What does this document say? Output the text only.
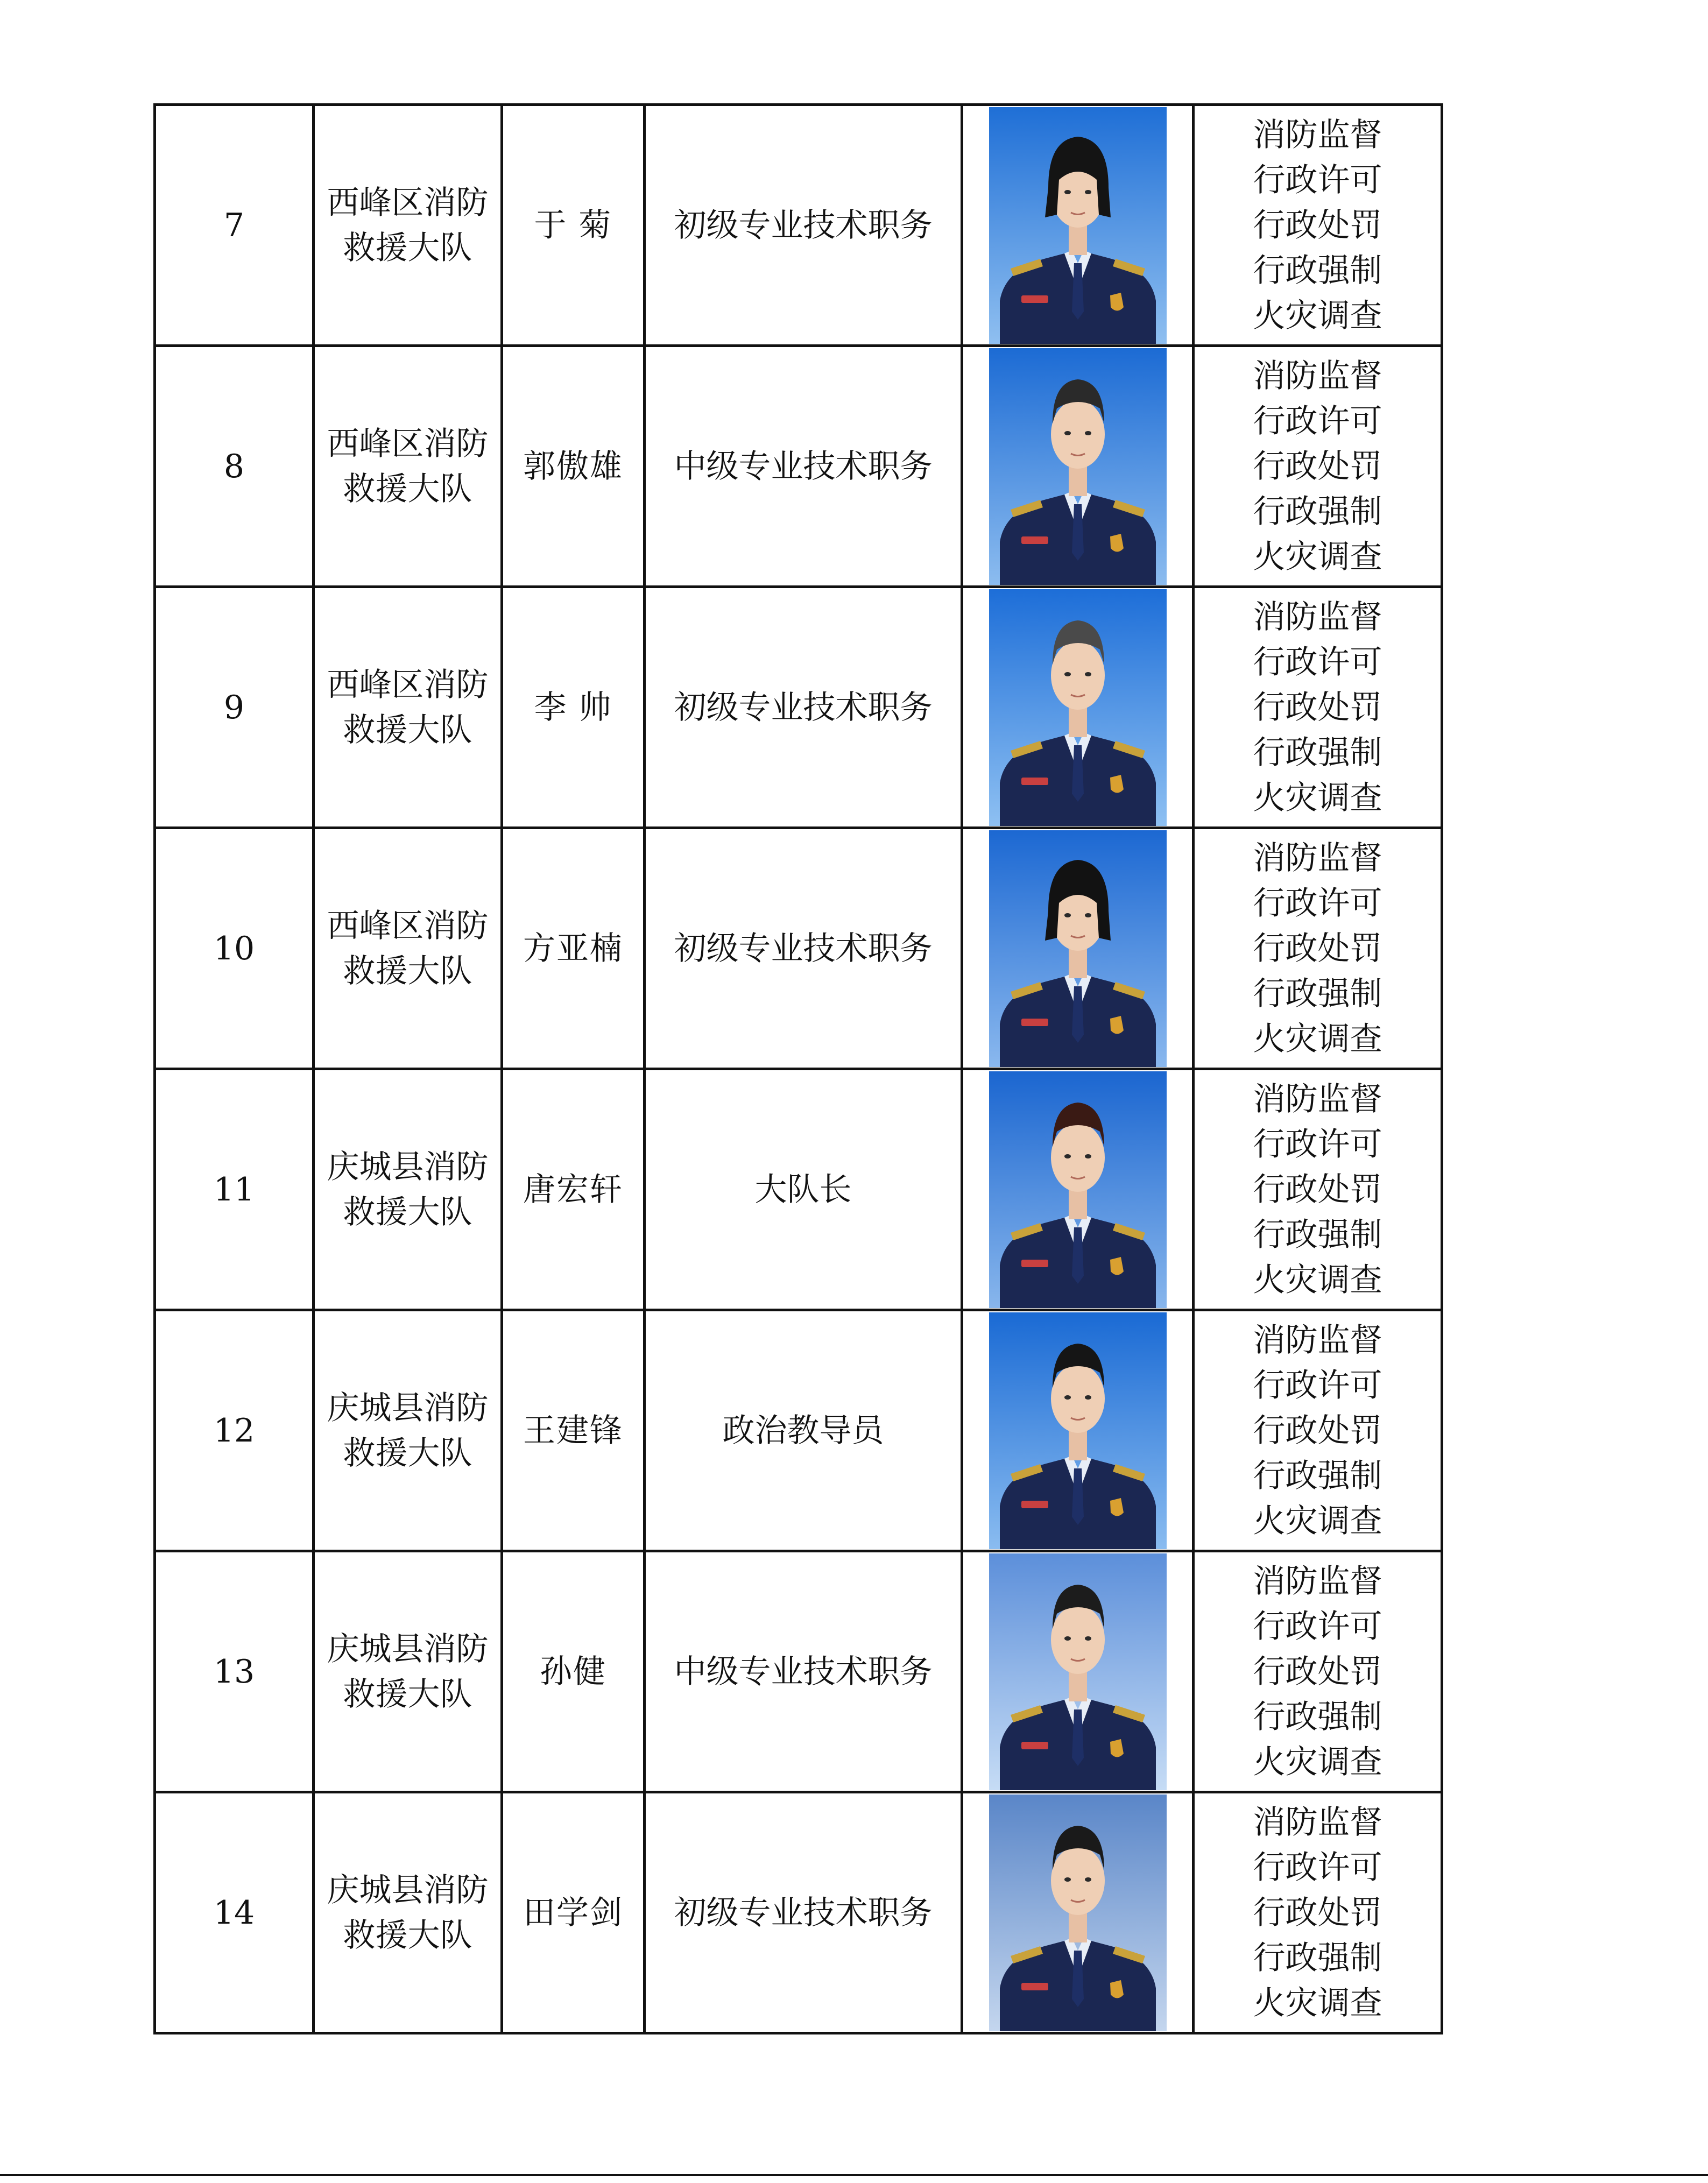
7	西峰区消防
救援大队	于 菊	初级专业技术职务		消防监督
行政许可
行政处罚
行政强制
火灾调查

8	西峰区消防
救援大队	郭傲雄	中级专业技术职务		消防监督
行政许可
行政处罚
行政强制
火灾调查

9	西峰区消防
救援大队	李 帅	初级专业技术职务		消防监督
行政许可
行政处罚
行政强制
火灾调查

10	西峰区消防
救援大队	方亚楠	初级专业技术职务		消防监督
行政许可
行政处罚
行政强制
火灾调查

11	庆城县消防
救援大队	唐宏轩	大队长		消防监督
行政许可
行政处罚
行政强制
火灾调查

12	庆城县消防
救援大队	王建锋	政治教导员		消防监督
行政许可
行政处罚
行政强制
火灾调查

13	庆城县消防
救援大队	孙健	中级专业技术职务		消防监督
行政许可
行政处罚
行政强制
火灾调查

14	庆城县消防
救援大队	田学剑	初级专业技术职务		消防监督
行政许可
行政处罚
行政强制
火灾调查
